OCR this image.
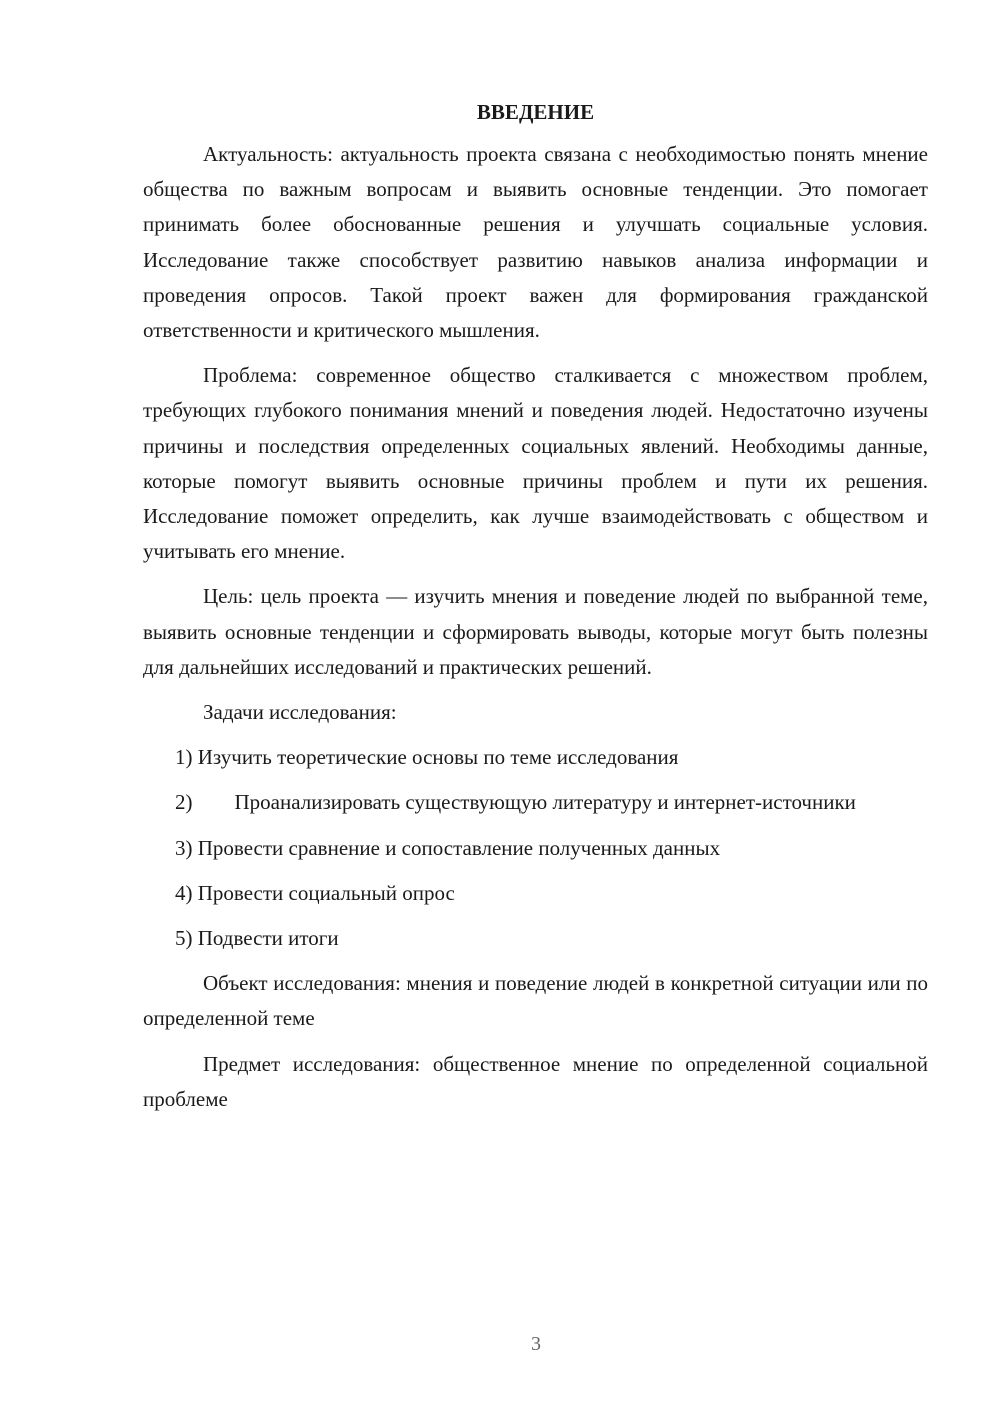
ВВЕДЕНИЕ

Актуальность: актуальность проекта связана с необходимостью понять мнение общества по важным вопросам и выявить основные тенденции. Это помогает принимать более обоснованные решения и улучшать социальные условия. Исследование также способствует развитию навыков анализа информации и проведения опросов. Такой проект важен для формирования гражданской ответственности и критического мышления.

Проблема: современное общество сталкивается с множеством проблем, требующих глубокого понимания мнений и поведения людей. Недостаточно изучены причины и последствия определенных социальных явлений. Необходимы данные, которые помогут выявить основные причины проблем и пути их решения. Исследование поможет определить, как лучше взаимодействовать с обществом и учитывать его мнение.

Цель: цель проекта — изучить мнения и поведение людей по выбранной теме, выявить основные тенденции и сформировать выводы, которые могут быть полезны для дальнейших исследований и практических решений.

Задачи исследования:

1) Изучить теоретические основы по теме исследования

2)  Проанализировать существующую литературу и интернет-источники

3) Провести сравнение и сопоставление полученных данных

4) Провести социальный опрос

5) Подвести итоги

Объект исследования: мнения и поведение людей в конкретной ситуации или по определенной теме

Предмет исследования: общественное мнение по определенной социальной проблеме

3
